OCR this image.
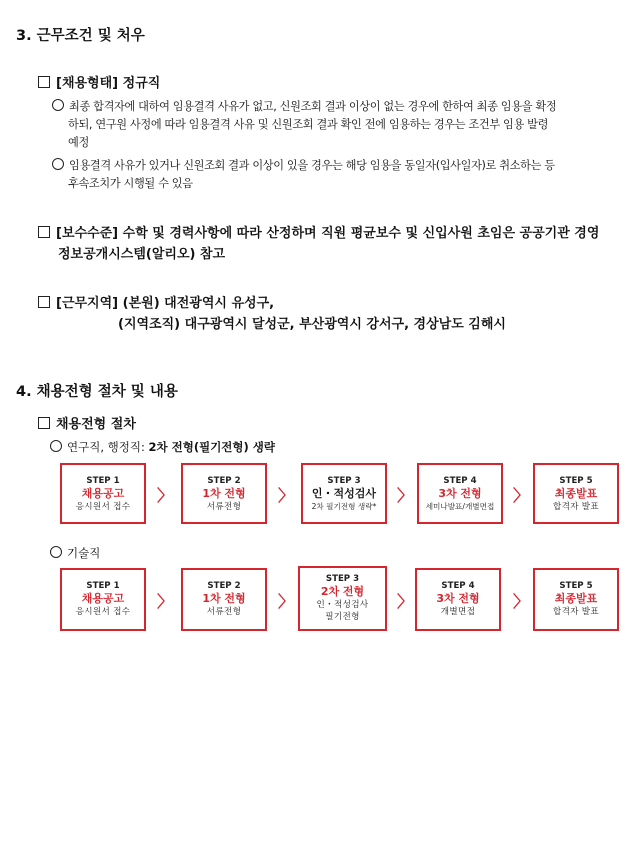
3. 근무조건 및 처우
[채용형태] 정규직
최종 합격자에 대하여 임용결격 사유가 없고, 신원조회 결과 이상이 없는 경우에 한하여 최종 임용을 확정
하되, 연구원 사정에 따라 임용결격 사유 및 신원조회 결과 확인 전에 임용하는 경우는 조건부 임용 발령
예정
임용결격 사유가 있거나 신원조회 결과 이상이 있을 경우는 해당 임용을 동일자(입사일자)로 취소하는 등
후속조치가 시행될 수 있음
[보수수준] 수학 및 경력사항에 따라 산정하며 직원 평균보수 및 신입사원 초임은 공공기관 경영
정보공개시스템(알리오) 참고
[근무지역] (본원) 대전광역시 유성구,
(지역조직) 대구광역시 달성군, 부산광역시 강서구, 경상남도 김해시
4. 채용전형 절차 및 내용
채용전형 절차
연구직, 행정직: 2차 전형(필기전형) 생략
STEP 1
채용공고
응시원서 접수
〉
STEP 2
1차 전형
서류전형
〉
STEP 3
인・적성검사
2차 필기전형 생략*
〉
STEP 4
3차 전형
세미나발표/개별면접
〉
STEP 5
최종발표
합격자 발표
기술직
STEP 1
채용공고
응시원서 접수
〉
STEP 2
1차 전형
서류전형
〉
STEP 3
2차 전형
인・적성검사
필기전형
〉
STEP 4
3차 전형
개별면접
〉
STEP 5
최종발표
합격자 발표
